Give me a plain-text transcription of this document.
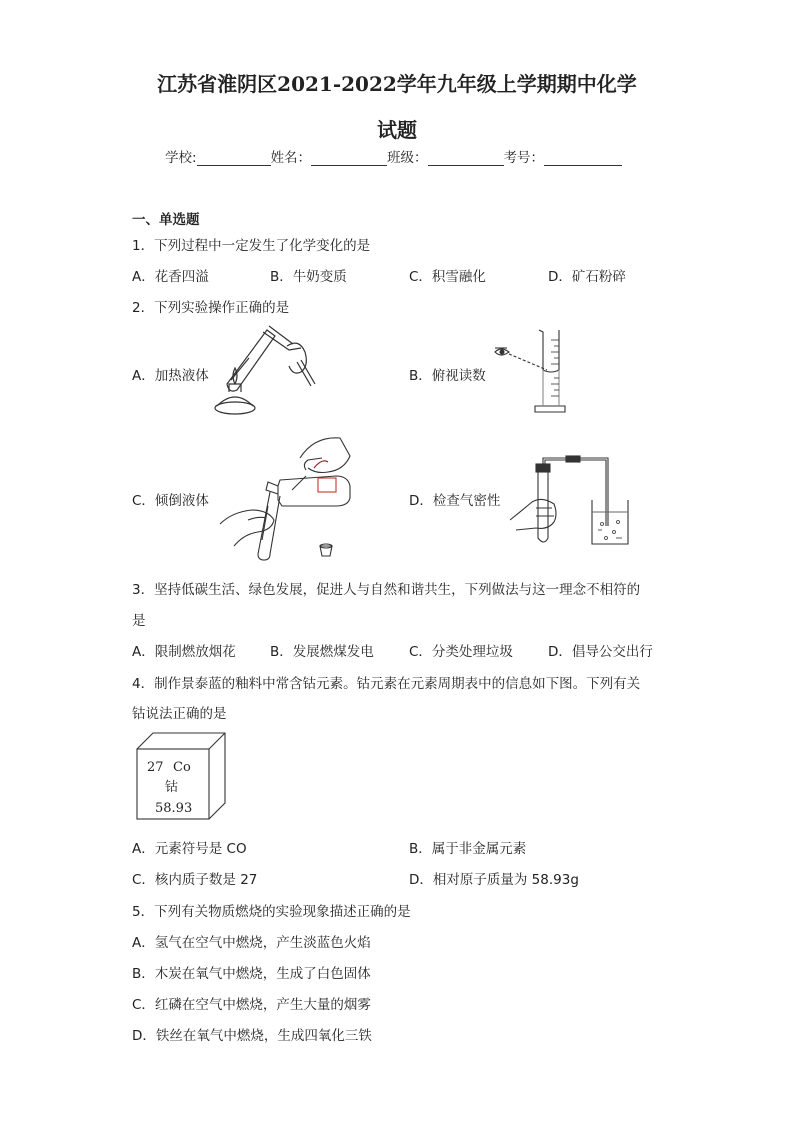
江苏省淮阴区2021-2022学年九年级上学期期中化学
试题
学校:	姓名：	班级：	考号：
一、单选题
1．下列过程中一定发生了化学变化的是
A．花香四溢	B．牛奶变质	C．积雪融化	D．矿石粉碎
2．下列实验操作正确的是
A．加热液体	B．俯视读数
C．倾倒液体	D．检查气密性
3．坚持低碳生活、绿色发展，促进人与自然和谐共生，下列做法与这一理念不相符的
是
A．限制燃放烟花	B．发展燃煤发电	C．分类处理垃圾	D．倡导公交出行
4．制作景泰蓝的釉料中常含钴元素。钴元素在元素周期表中的信息如下图。下列有关
钴说法正确的是
27 Co
钴
58.93
A．元素符号是 CO	B．属于非金属元素
C．核内质子数是 27	D．相对原子质量为 58.93g
5．下列有关物质燃烧的实验现象描述正确的是
A．氢气在空气中燃烧，产生淡蓝色火焰
B．木炭在氧气中燃烧，生成了白色固体
C．红磷在空气中燃烧，产生大量的烟雾
D．铁丝在氧气中燃烧，生成四氧化三铁
